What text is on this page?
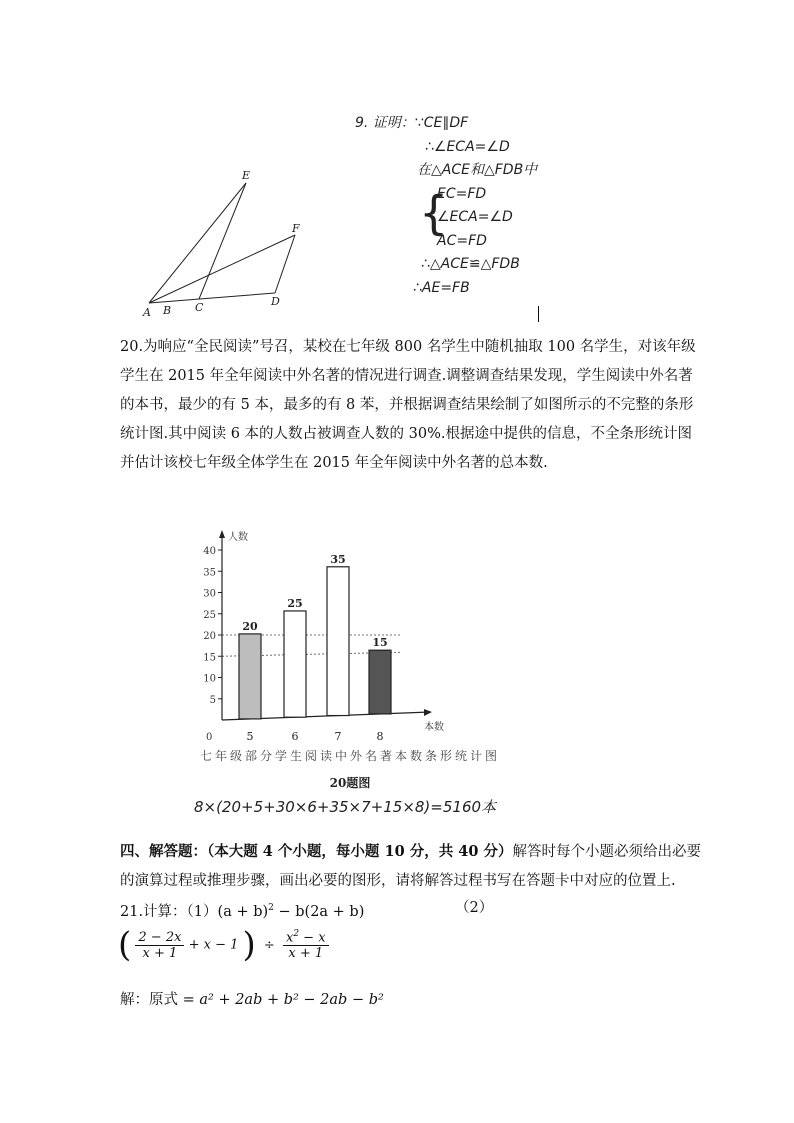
A B C	D
E
F
9. 证明：∵CE∥DF
∴∠ECA=∠D
在△ACE和△FDB中
{
EC=FD
∠ECA=∠D
AC=FD
∴△ACE≌△FDB
∴AE=FB
20.为响应“全民阅读”号召，某校在七年级 800 名学生中随机抽取 100 名学生，对该年级
学生在 2015 年全年阅读中外名著的情况进行调查.调整调查结果发现，学生阅读中外名著
的本书，最少的有 5 本，最多的有 8 苯，并根据调查结果绘制了如图所示的不完整的条形
统计图.其中阅读 6 本的人数占被调查人数的 30%.根据途中提供的信息，不全条形统计图
并估计该校七年级全体学生在 2015 年全年阅读中外名著的总本数.
人数
本数
0
5
10
15
20
25
30
35
40
20
5
25
6
35
7
15
8
七年级部分学生阅读中外名著本数条形统计图
20题图
8×(20+5+30×6+35×7+15×8)=5160本
四、解答题：（本大题 4 个小题，每小题 10 分，共 40 分）解答时每个小题必须给出必要
的演算过程或推理步骤，画出必要的图形，请将解答过程书写在答题卡中对应的位置上.
21.计算：$(1)(a + b)^2 - b(2a + b)$	（2）
( $\frac{2 - 2x}{x + 1} + x - 1$ ) ÷ $\frac{x^2 - x}{x + 1}$
解：原式 = a² + 2ab + b² − 2ab − b²
